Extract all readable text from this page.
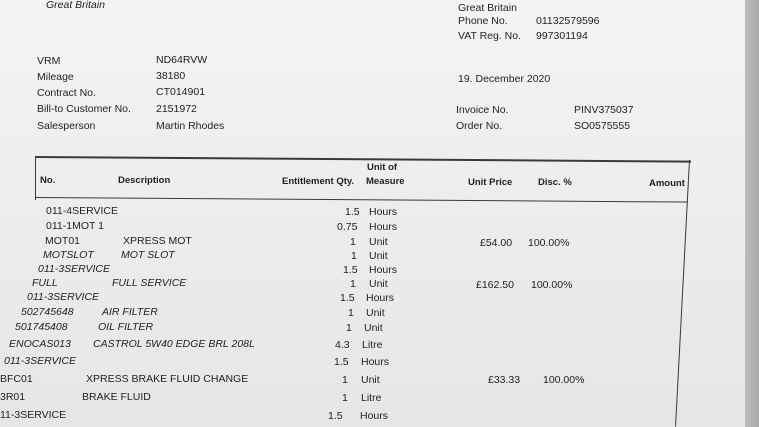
Great Britain	Great Britain
Phone No.	01132579596
VAT Reg. No. 997301194
VRM	ND64RVW
Mileage	38180
Contract No.	CT014901
Bill-to Customer No. 2151972
Salesperson	Martin Rhodes
19. December 2020
Invoice No.	PINV375037
Order No.	SO0575555
No.	Description	Entitlement Qty.
Unit of
Measure	Unit Price	Disc. %	Amount
011-4SERVICE	1.5 Hours
011-1MOT 1	0.75 Hours
MOT01	XPRESS MOT	1 Unit	£54.00 100.00%
MOTSLOT	MOT SLOT	1 Unit
011-3SERVICE	1.5 Hours
FULL	FULL SERVICE	1 Unit	£162.50 100.00%
011-3SERVICE	1.5 Hours
502745648	AIR FILTER	1 Unit
501745408	OIL FILTER	1 Unit
ENOCAS013 CASTROL 5W40 EDGE BRL 208L	4.3 Litre
011-3SERVICE	1.5 Hours
BFC01	XPRESS BRAKE FLUID CHANGE	1 Unit	£33.33 100.00%
3R01	BRAKE FLUID	1 Litre
11-3SERVICE	1.5 Hours
